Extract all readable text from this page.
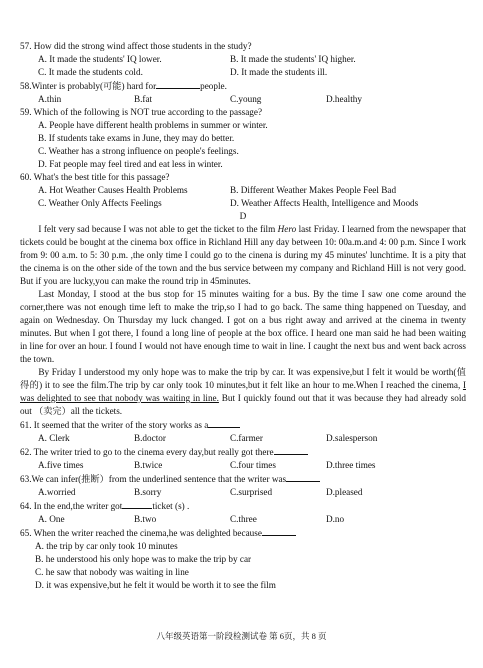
57. How did the strong wind affect those students in the study?
A. It made the students' IQ lower.	B. It made the students' IQ higher.
C. It made the students cold.	D. It made the students ill.
58.Winter is probably(可能) hard for	people.
A.thin	B.fat	C.young	D.healthy
59. Which of the following is NOT true according to the passage?
A. People have different health problems in summer or winter.
B. If students take exams in June, they may do better.
C. Weather has a strong influence on people's feelings.
D. Fat people may feel tired and eat less in winter.
60. What's the best title for this passage?
A. Hot Weather Causes Health Problems	B. Different Weather Makes People Feel Bad
C. Weather Only Affects Feelings	D. Weather Affects Health, Intelligence and Moods
D

I felt very sad because I was not able to get the ticket to the film Hero last Friday. I learned from the newspaper that tickets could be bought at the cinema box office in Richland Hill any day between 10: 00a.m.and 4: 00 p.m. Since I work from 9: 00 a.m. to 5: 30 p.m. ,the only time I could go to the cinena is during my 45 minutes' lunchtime. It is a pity that the cinema is on the other side of the town and the bus service between my company and Richland Hill is not very good. But if you are lucky,you can make the round trip in 45minutes.

Last Monday, I stood at the bus stop for 15 minutes waiting for a bus. By the time I saw one come around the corner,there was not enough time left to make the trip,so I had to go back. The same thing happened on Tuesday, and again on Wednesday. On Thursday my luck changed. I got on a bus right away and arrived at the cinema in twenty minutes. But when I got there, I found a long line of people at the box office. I heard one man said he had been waiting in line for over an hour. I found I would not have enough time to wait in line. I caught the next bus and went back across the town.

By Friday I understood my only hope was to make the trip by car. It was expensive,but I felt it would be worth(值得的) it to see the film.The trip by car only took 10 minutes,but it felt like an hour to me.When I reached the cinema, I was delighted to see that nobody was waiting in line. But I quickly found out that it was because they had already sold out （卖完）all the tickets.

61. It seemed that the writer of the story works as a
A. Clerk	B.doctor	C.farmer	D.salesperson
62. The writer tried to go to the cinema every day,but really got there
A.five times	B.twice	C.four times	D.three times
63.We can infer(推断）from the underlined sentence that the writer was
A.worried	B.sorry	C.surprised	D.pleased
64. In the end,the writer got	ticket (s) .
A. One	B.two	C.three	D.no
65. When the writer reached the cinema,he was delighted because
A. the trip by car only took 10 minutes
B. he understood his only hope was to make the trip by car
C. he saw that nobody was waiting in line
D. it was expensive,but he felt it would be worth it to see the film
八年级英语第一阶段检测试卷 第 6页，共 8 页
